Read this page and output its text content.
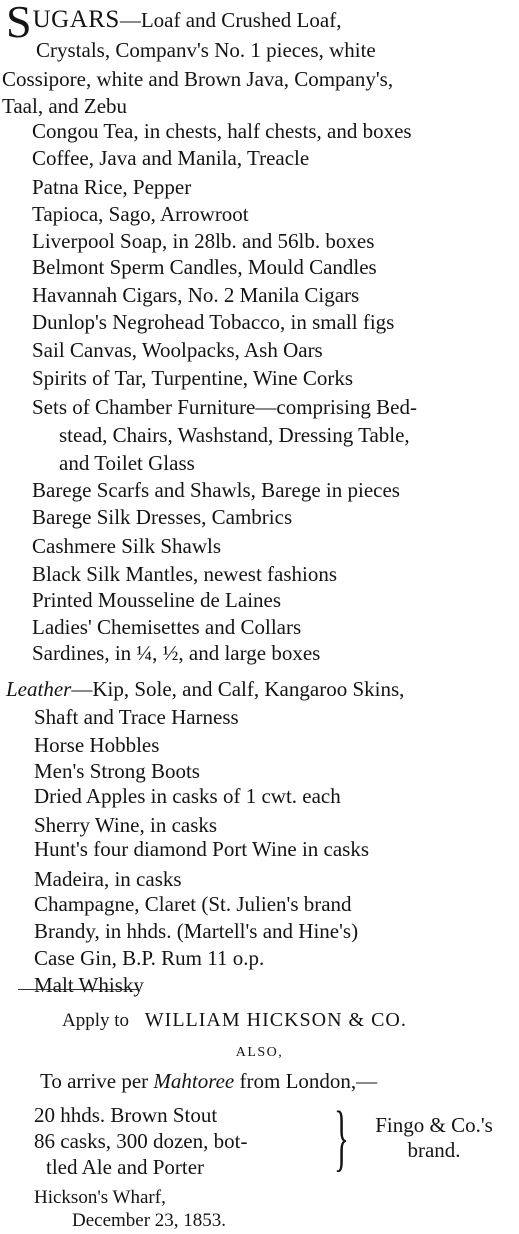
SUGARS—Loaf and Crushed Loaf,
Crystals, Companv's No. 1 pieces, white
Cossipore, white and Brown Java, Company's,
Taal, and Zebu
Congou Tea, in chests, half chests, and boxes
Coffee, Java and Manila, Treacle
Patna Rice, Pepper
Tapioca, Sago, Arrowroot
Liverpool Soap, in 28lb. and 56lb. boxes
Belmont Sperm Candles, Mould Candles
Havannah Cigars, No. 2 Manila Cigars
Dunlop's Negrohead Tobacco, in small figs
Sail Canvas, Woolpacks, Ash Oars
Spirits of Tar, Turpentine, Wine Corks
Sets of Chamber Furniture—comprising Bed-
stead, Chairs, Washstand, Dressing Table,
and Toilet Glass
Barege Scarfs and Shawls, Barege in pieces
Barege Silk Dresses, Cambrics
Cashmere Silk Shawls
Black Silk Mantles, newest fashions
Printed Mousseline de Laines
Ladies' Chemisettes and Collars
Sardines, in ¼, ½, and large boxes
Leather—Kip, Sole, and Calf, Kangaroo Skins,
Shaft and Trace Harness
Horse Hobbles
Men's Strong Boots
Dried Apples in casks of 1 cwt. each
Sherry Wine, in casks
Hunt's four diamond Port Wine in casks
Madeira, in casks
Champagne, Claret (St. Julien's brand
Brandy, in hhds. (Martell's and Hine's)
Case Gin, B.P. Rum 11 o.p.
Malt Whisky
Apply to WILLIAM HICKSON & CO.
ALSO,
To arrive per Mahtoree from London,—
20 hhds. Brown Stout
86 casks, 300 dozen, bot-
tled Ale and Porter }	Fingo & Co.'s
brand.
Hickson's Wharf,
December 23, 1853.
